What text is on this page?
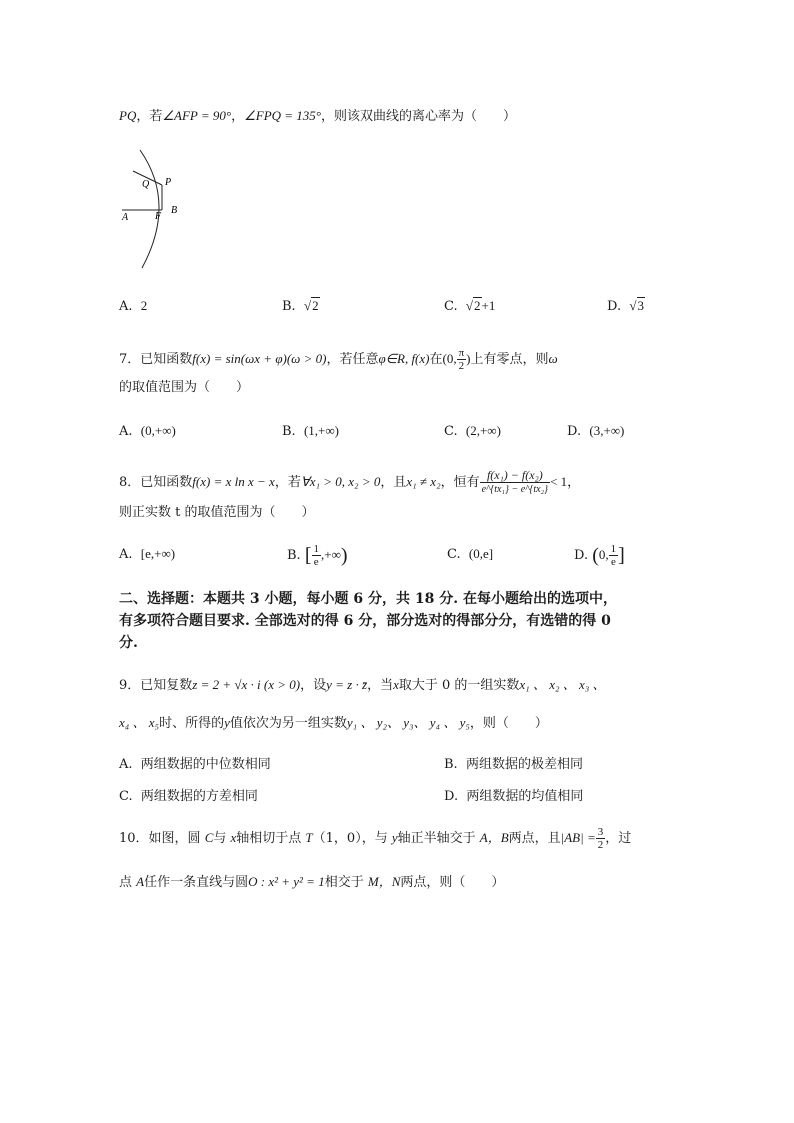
PQ，若∠AFP = 90°，∠FPQ = 135°，则该双曲线的离心率为（　　）
Q P
A	F
B
A. 2	B. √2	C. √2+1	D. √3
7．已知函数f(x) = sin(ωx + φ)(ω > 0)，若任意φ∈R, f(x)在(0, $\frac{\pi}{2}$ )上有零点，则ω
的取值范围为（　　）
A. (0,+∞)	B. (1,+∞)	C. (2,+∞)	D. (3,+∞)
8．已知函数f(x) = x ln x − x，若∀x₁ > 0, x₂ > 0，且x₁ ≠ x₂，恒有 $\frac{\text{f(x₁) − f(x₂)}}{\text{e\textasciicircum{}\{tx₁\} − e\textasciicircum{}\{tx₂\}}} < 1$，
则正实数 t 的取值范围为（　　）
A. [e,+∞)	B. [ $\frac{1}{e}$ ,+∞)	C. (0,e]	D. (0, $\frac{1}{e}$ ]
二、选择题：本题共 3 小题，每小题 6 分，共 18 分. 在每小题给出的选项中，
有多项符合题目要求. 全部选对的得 6 分，部分选对的得部分分，有选错的得 0
分.
9．已知复数z = 2 + √x · i (x > 0)，设y = z · z̄，当x取大于 0 的一组实数x₁ 、 x₂ 、 x₃ 、
x₄ 、 x₅时、所得的y值依次为另一组实数y₁ 、 y₂、 y₃、 y₄ 、 y₅，则（　　）
A. 两组数据的中位数相同	B. 两组数据的极差相同
C. 两组数据的方差相同	D. 两组数据的均值相同
10．如图，圆 C与 x轴相切于点 T（1，0），与 y轴正半轴交于 A，B两点，且$|AB| = \frac{3}{2}$ ，过
点 A任作一条直线与圆O : x² + y² = 1相交于 M，N两点，则（　　）
